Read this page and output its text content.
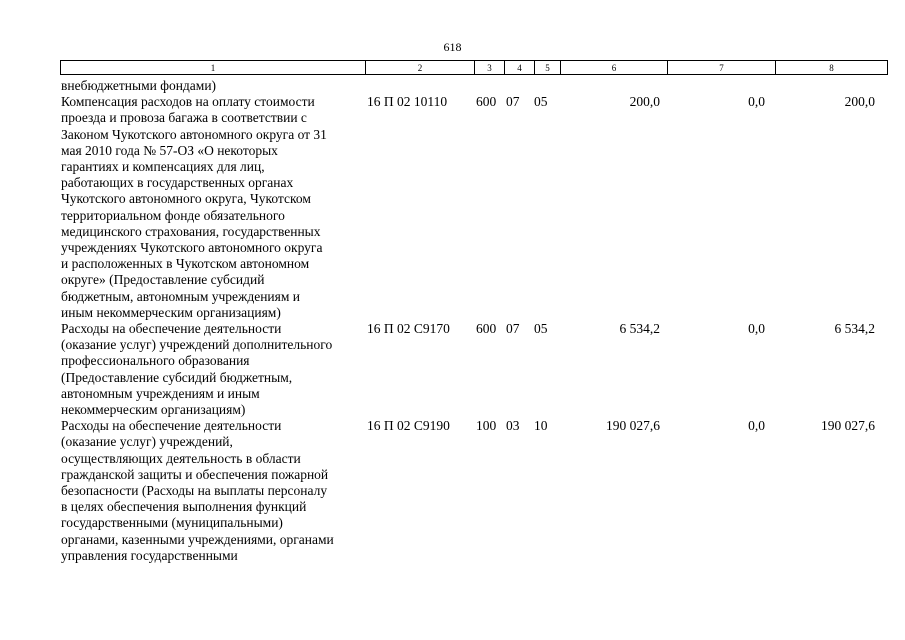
618
1	2	3	4	5	6	7	8
внебюджетными фондами)
Компенсация расходов на оплату стоимости	16 П 02 10110	600 07	05	200,0	0,0	200,0
проезда и провоза багажа в соответствии с
Законом Чукотского автономного округа от 31
мая 2010 года № 57-ОЗ «О некоторых
гарантиях и компенсациях для лиц,
работающих в государственных органах
Чукотского автономного округа, Чукотском
территориальном фонде обязательного
медицинского страхования, государственных
учреждениях Чукотского автономного округа
и расположенных в Чукотском автономном
округе» (Предоставление субсидий
бюджетным, автономным учреждениям и
иным некоммерческим организациям)
Расходы на обеспечение деятельности	16 П 02 С9170	600 07	05	6 534,2	0,0	6 534,2
(оказание услуг) учреждений дополнительного
профессионального образования
(Предоставление субсидий бюджетным,
автономным учреждениям и иным
некоммерческим организациям)
Расходы на обеспечение деятельности	16 П 02 С9190	100 03	10	190 027,6	0,0	190 027,6
(оказание услуг) учреждений,
осуществляющих деятельность в области
гражданской защиты и обеспечения пожарной
безопасности (Расходы на выплаты персоналу
в целях обеспечения выполнения функций
государственными (муниципальными)
органами, казенными учреждениями, органами
управления государственными
